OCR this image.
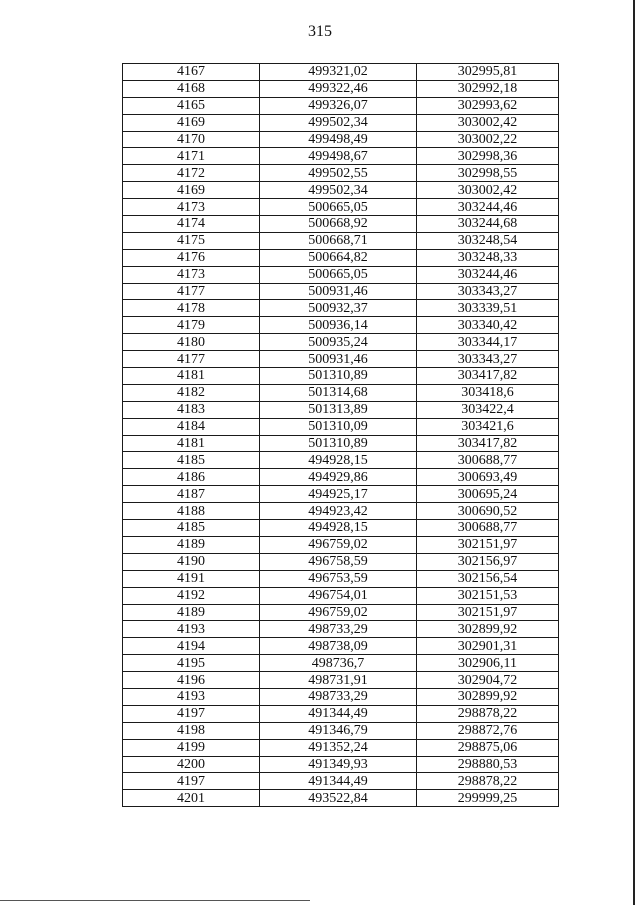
315
4167	499321,02	302995,81
4168	499322,46	302992,18
4165	499326,07	302993,62
4169	499502,34	303002,42
4170	499498,49	303002,22
4171	499498,67	302998,36
4172	499502,55	302998,55
4169	499502,34	303002,42
4173	500665,05	303244,46
4174	500668,92	303244,68
4175	500668,71	303248,54
4176	500664,82	303248,33
4173	500665,05	303244,46
4177	500931,46	303343,27
4178	500932,37	303339,51
4179	500936,14	303340,42
4180	500935,24	303344,17
4177	500931,46	303343,27
4181	501310,89	303417,82
4182	501314,68	303418,6
4183	501313,89	303422,4
4184	501310,09	303421,6
4181	501310,89	303417,82
4185	494928,15	300688,77
4186	494929,86	300693,49
4187	494925,17	300695,24
4188	494923,42	300690,52
4185	494928,15	300688,77
4189	496759,02	302151,97
4190	496758,59	302156,97
4191	496753,59	302156,54
4192	496754,01	302151,53
4189	496759,02	302151,97
4193	498733,29	302899,92
4194	498738,09	302901,31
4195	498736,7	302906,11
4196	498731,91	302904,72
4193	498733,29	302899,92
4197	491344,49	298878,22
4198	491346,79	298872,76
4199	491352,24	298875,06
4200	491349,93	298880,53
4197	491344,49	298878,22
4201	493522,84	299999,25
